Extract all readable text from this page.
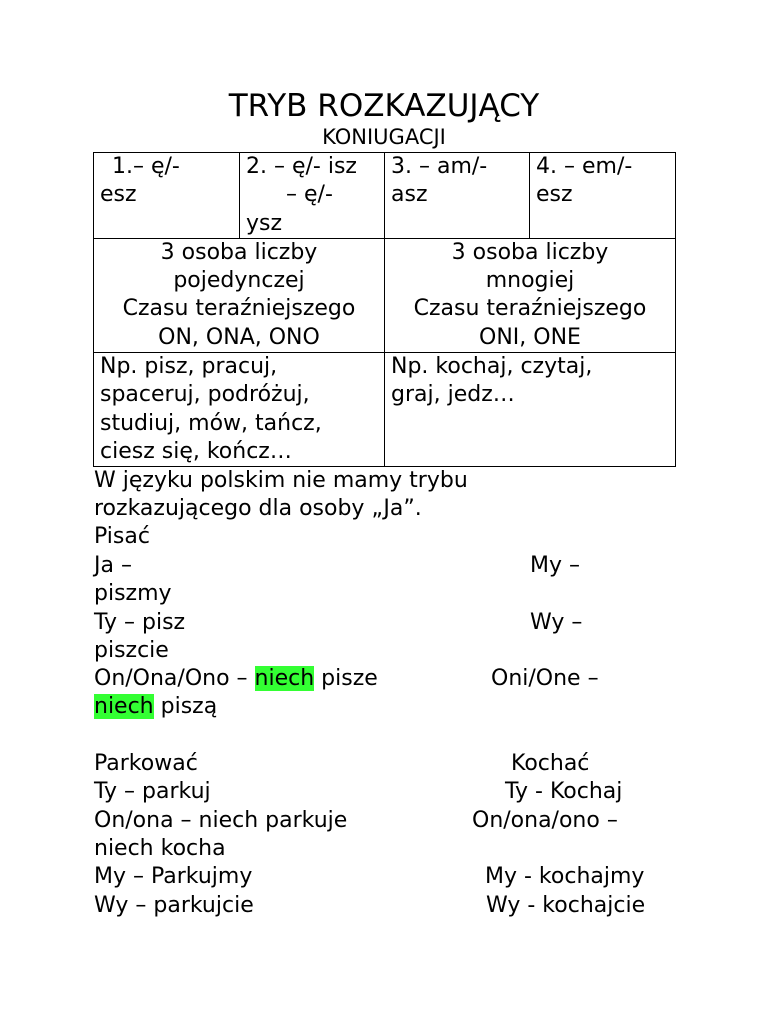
TRYB ROZKAZUJĄCY
KONIUGACJI
1.– ę/-
esz	2. – ę/- isz
– ę/-
ysz	3. – am/-
asz	4. – em/-
esz

3 osoba liczby
pojedynczej
Czasu teraźniejszego
ON, ONA, ONO		3 osoba liczby
mnogiej
Czasu teraźniejszego
ONI, ONE	

Np. pisz, pracuj,
spaceruj, podróżuj,
studiuj, mów, tańcz,
ciesz się, kończ…		Np. kochaj, czytaj,
graj, jedz…	
W języku polskim nie mamy trybu
rozkazującego dla osoby „Ja”.
Pisać
Ja –	My –
piszmy
Ty – pisz	Wy –
piszcie
On/Ona/Ono – niech pisze	Oni/One –
niech piszą
Parkować	Kochać
Ty – parkuj	Ty - Kochaj
On/ona – niech parkuje	On/ona/ono –
niech kocha
My – Parkujmy	My - kochajmy
Wy – parkujcie	Wy - kochajcie
